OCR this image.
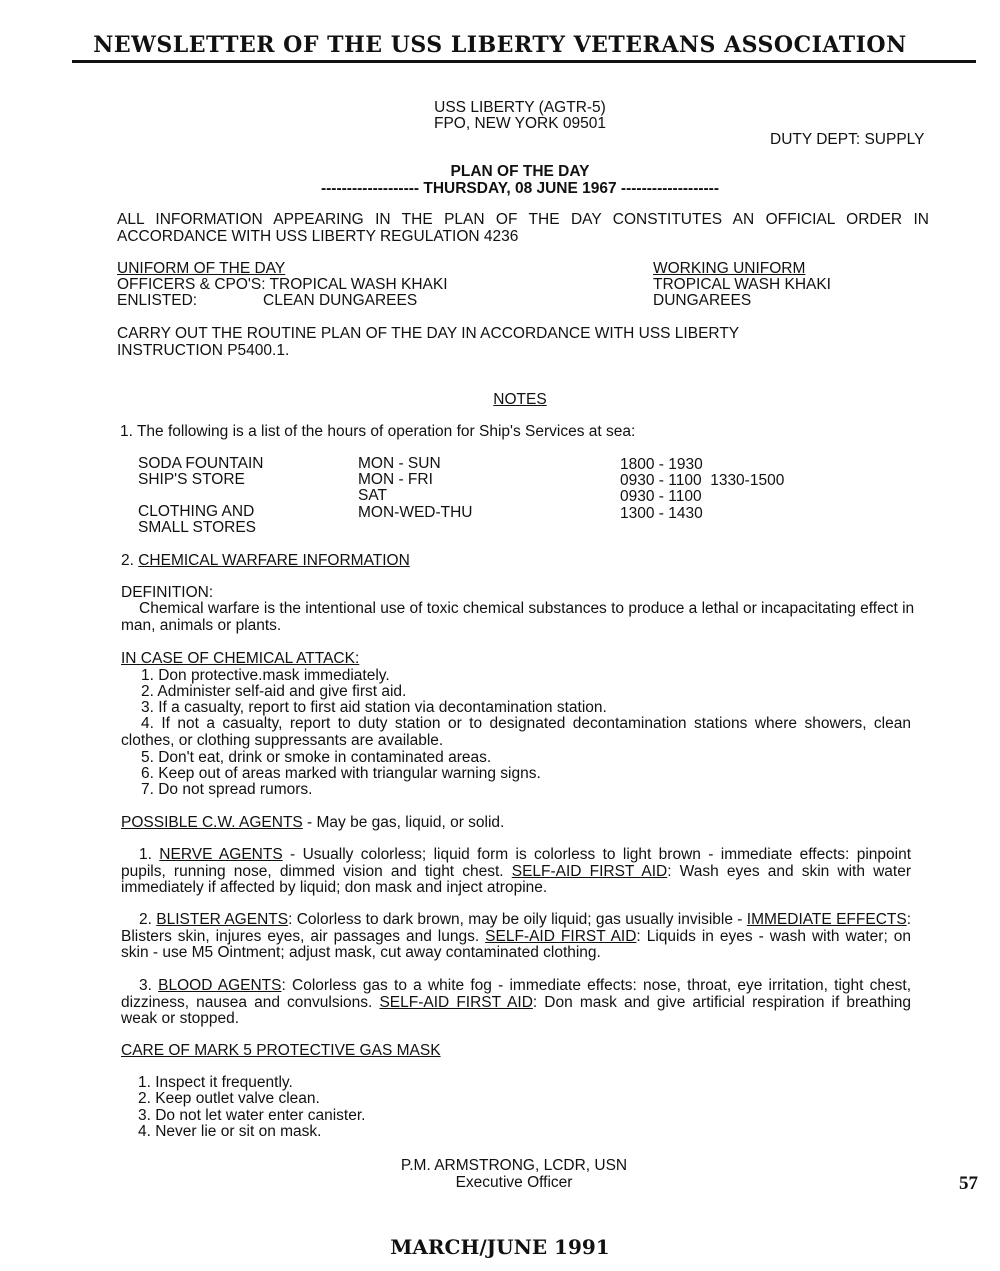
NEWSLETTER OF THE USS LIBERTY VETERANS ASSOCIATION
USS LIBERTY (AGTR-5)
FPO, NEW YORK 09501
DUTY DEPT: SUPPLY
PLAN OF THE DAY
------------------- THURSDAY, 08 JUNE 1967 -------------------
ALL INFORMATION APPEARING IN THE PLAN OF THE DAY CONSTITUTES AN OFFICIAL ORDER IN ACCORDANCE WITH USS LIBERTY REGULATION 4236
UNIFORM OF THE DAY
OFFICERS & CPO'S: TROPICAL WASH KHAKI
ENLISTED:	CLEAN DUNGAREES
WORKING UNIFORM
TROPICAL WASH KHAKI
DUNGAREES
CARRY OUT THE ROUTINE PLAN OF THE DAY IN ACCORDANCE WITH USS LIBERTY INSTRUCTION P5400.1.
NOTES
1. The following is a list of the hours of operation for Ship's Services at sea:
SODA FOUNTAIN	MON - SUN	1800 - 1930
SHIP'S STORE	MON - FRI	0930 - 1100  1330-1500
SAT	0930 - 1100
CLOTHING AND	MON-WED-THU	1300 - 1430
SMALL STORES
2. CHEMICAL WARFARE INFORMATION
DEFINITION:
Chemical warfare is the intentional use of toxic chemical substances to produce a lethal or incapacitating effect in man, animals or plants.
IN CASE OF CHEMICAL ATTACK:
1. Don protective.mask immediately.
2. Administer self-aid and give first aid.
3. If a casualty, report to first aid station via decontamination station.
4. If not a casualty, report to duty station or to designated decontamination stations where showers, clean clothes, or clothing suppressants are available.
5. Don't eat, drink or smoke in contaminated areas.
6. Keep out of areas marked with triangular warning signs.
7. Do not spread rumors.
POSSIBLE C.W. AGENTS - May be gas, liquid, or solid.
1. NERVE AGENTS - Usually colorless; liquid form is colorless to light brown - immediate effects: pinpoint pupils, running nose, dimmed vision and tight chest. SELF-AID FIRST AID: Wash eyes and skin with water immediately if affected by liquid; don mask and inject atropine.
2. BLISTER AGENTS: Colorless to dark brown, may be oily liquid; gas usually invisible - IMMEDIATE EFFECTS: Blisters skin, injures eyes, air passages and lungs. SELF-AID FIRST AID: Liquids in eyes - wash with water; on skin - use M5 Ointment; adjust mask, cut away contaminated clothing.
3. BLOOD AGENTS: Colorless gas to a white fog - immediate effects: nose, throat, eye irritation, tight chest, dizziness, nausea and convulsions. SELF-AID FIRST AID: Don mask and give artificial respiration if breathing weak or stopped.
CARE OF MARK 5 PROTECTIVE GAS MASK
1. Inspect it frequently.
2. Keep outlet valve clean.
3. Do not let water enter canister.
4. Never lie or sit on mask.
P.M. ARMSTRONG, LCDR, USN
Executive Officer	57
MARCH/JUNE 1991
